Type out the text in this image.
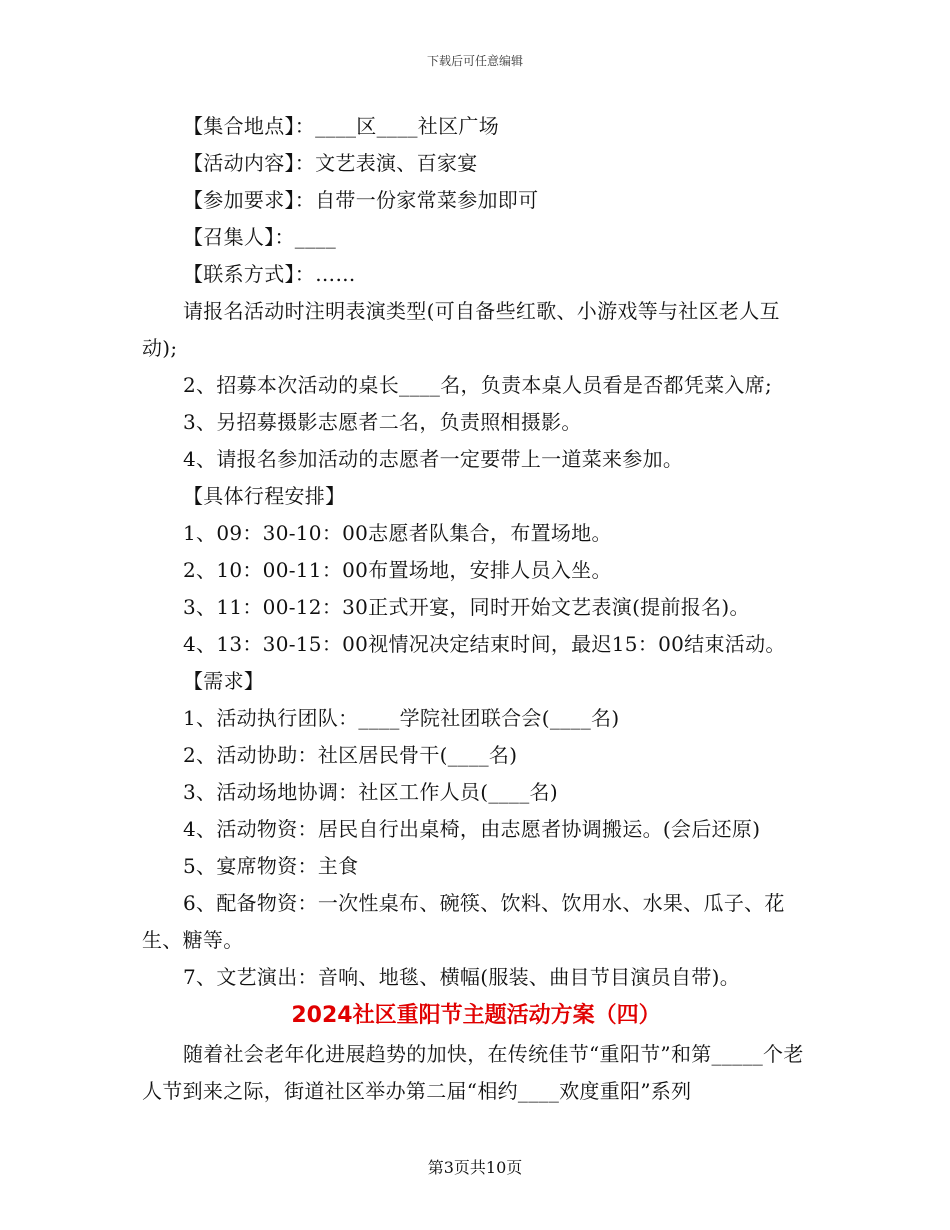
下载后可任意编辑

【集合地点】：____区____社区广场

【活动内容】：文艺表演、百家宴

【参加要求】：自带一份家常菜参加即可

【召集人】：____

【联系方式】：……

请报名活动时注明表演类型(可自备些红歌、小游戏等与社区老人互动);

2、招募本次活动的桌长____名，负责本桌人员看是否都凭菜入席;

3、另招募摄影志愿者二名，负责照相摄影。

4、请报名参加活动的志愿者一定要带上一道菜来参加。

【具体行程安排】

1、09：30-10：00志愿者队集合，布置场地。

2、10：00-11：00布置场地，安排人员入坐。

3、11：00-12：30正式开宴，同时开始文艺表演(提前报名)。

4、13：30-15：00视情况决定结束时间，最迟15：00结束活动。

【需求】

1、活动执行团队：____学院社团联合会(____名)

2、活动协助：社区居民骨干(____名)

3、活动场地协调：社区工作人员(____名)

4、活动物资：居民自行出桌椅，由志愿者协调搬运。(会后还原)

5、宴席物资：主食

6、配备物资：一次性桌布、碗筷、饮料、饮用水、水果、瓜子、花生、糖等。

7、文艺演出：音响、地毯、横幅(服装、曲目节目演员自带)。

2024社区重阳节主题活动方案（四）

随着社会老年化进展趋势的加快，在传统佳节“重阳节”和第_____个老人节到来之际，街道社区举办第二届“相约____欢度重阳”系列

第3页共10页
